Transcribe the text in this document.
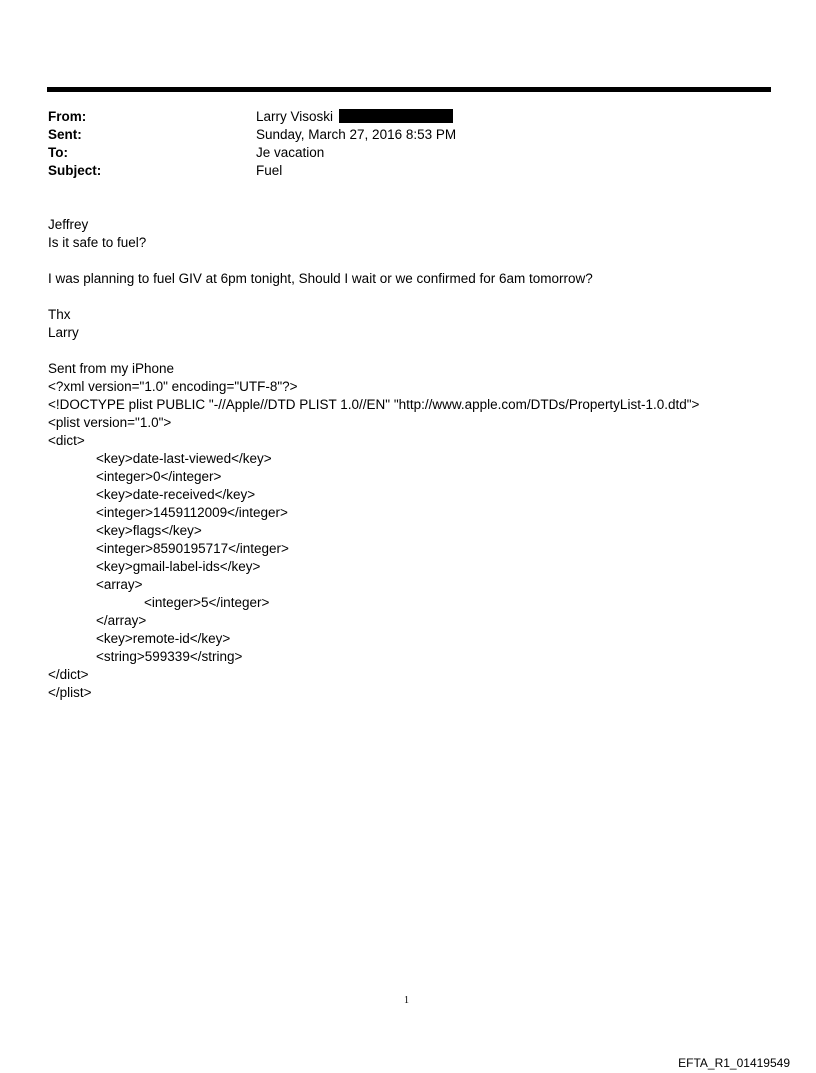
From:	Larry Visoski
Sent:	Sunday, March 27, 2016 8:53 PM
To:	Je vacation
Subject:	Fuel
Jeffrey
Is it safe to fuel?
I was planning to fuel GIV at 6pm tonight, Should I wait or we confirmed for 6am tomorrow?
Thx
Larry
Sent from my iPhone
<?xml version="1.0" encoding="UTF-8"?>
<!DOCTYPE plist PUBLIC "-//Apple//DTD PLIST 1.0//EN" "http://www.apple.com/DTDs/PropertyList-1.0.dtd">
<plist version="1.0">
<dict>
<key>date-last-viewed</key>
<integer>0</integer>
<key>date-received</key>
<integer>1459112009</integer>
<key>flags</key>
<integer>8590195717</integer>
<key>gmail-label-ids</key>
<array>
<integer>5</integer>
</array>
<key>remote-id</key>
<string>599339</string>
</dict>
</plist>
1
EFTA_R1_01419549
